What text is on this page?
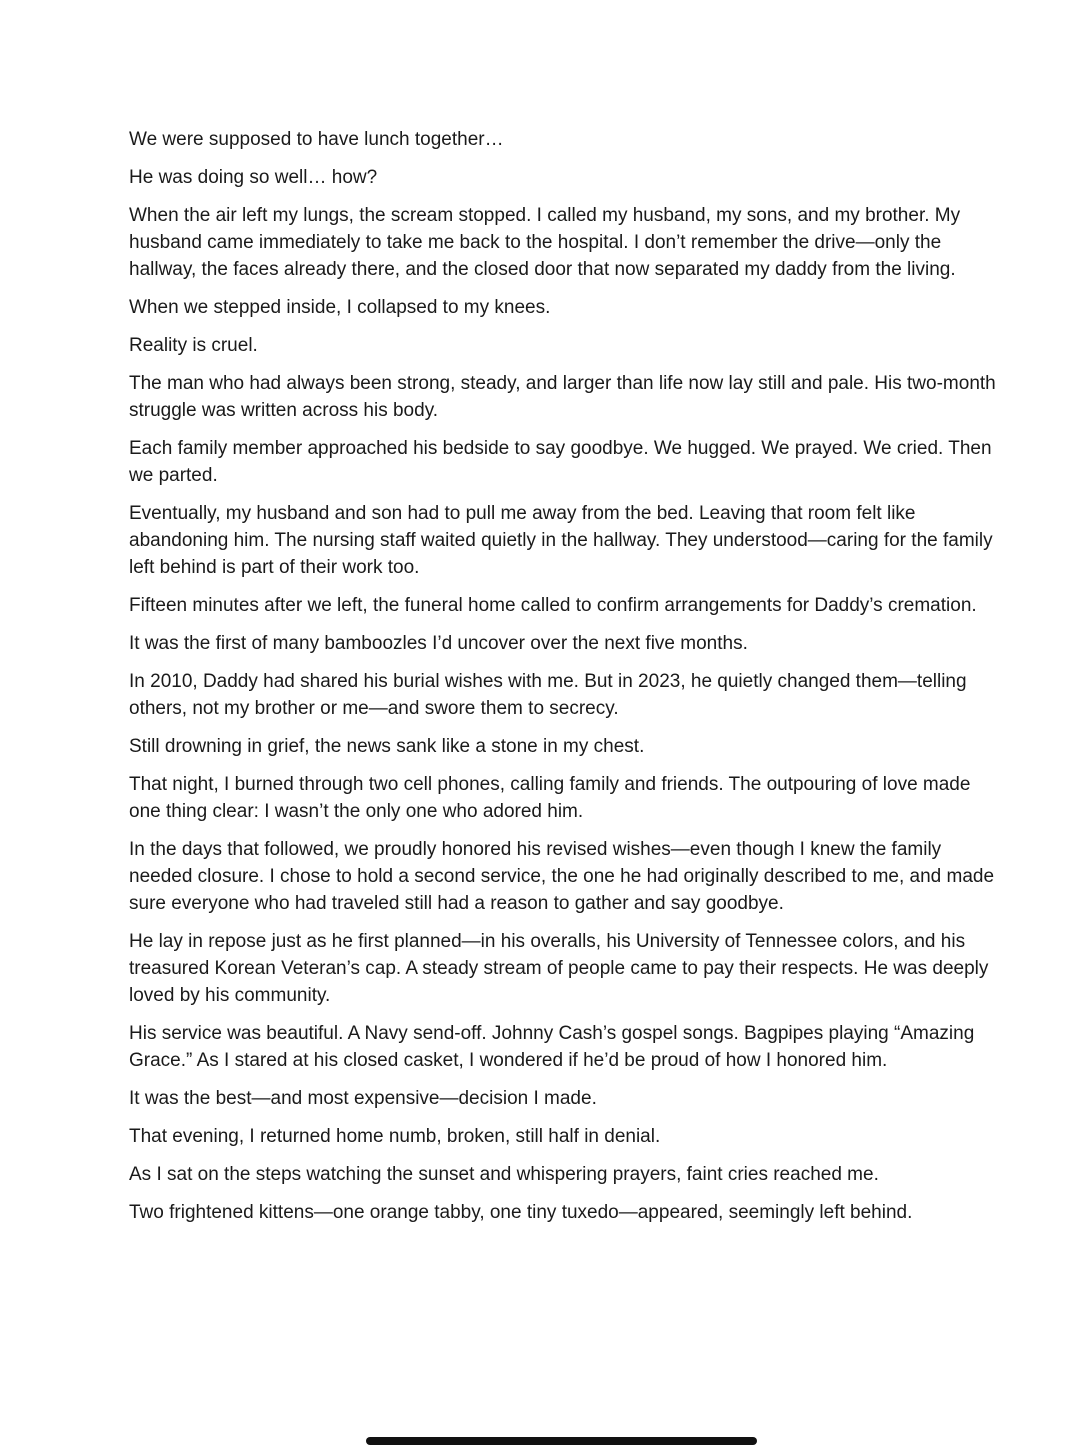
We were supposed to have lunch together…

He was doing so well… how?

When the air left my lungs, the scream stopped. I called my husband, my sons, and my brother. My husband came immediately to take me back to the hospital. I don’t remember the drive—only the hallway, the faces already there, and the closed door that now separated my daddy from the living.

When we stepped inside, I collapsed to my knees.

Reality is cruel.

The man who had always been strong, steady, and larger than life now lay still and pale. His two-month struggle was written across his body.

Each family member approached his bedside to say goodbye. We hugged. We prayed. We cried. Then we parted.

Eventually, my husband and son had to pull me away from the bed. Leaving that room felt like abandoning him. The nursing staff waited quietly in the hallway. They understood—caring for the family left behind is part of their work too.

Fifteen minutes after we left, the funeral home called to confirm arrangements for Daddy’s cremation.

It was the first of many bamboozles I’d uncover over the next five months.

In 2010, Daddy had shared his burial wishes with me. But in 2023, he quietly changed them—telling others, not my brother or me—and swore them to secrecy.

Still drowning in grief, the news sank like a stone in my chest.

That night, I burned through two cell phones, calling family and friends. The outpouring of love made one thing clear: I wasn’t the only one who adored him.

In the days that followed, we proudly honored his revised wishes—even though I knew the family needed closure. I chose to hold a second service, the one he had originally described to me, and made sure everyone who had traveled still had a reason to gather and say goodbye.

He lay in repose just as he first planned—in his overalls, his University of Tennessee colors, and his treasured Korean Veteran’s cap. A steady stream of people came to pay their respects. He was deeply loved by his community.

His service was beautiful. A Navy send-off. Johnny Cash’s gospel songs. Bagpipes playing “Amazing Grace.” As I stared at his closed casket, I wondered if he’d be proud of how I honored him.

It was the best—and most expensive—decision I made.

That evening, I returned home numb, broken, still half in denial.

As I sat on the steps watching the sunset and whispering prayers, faint cries reached me.

Two frightened kittens—one orange tabby, one tiny tuxedo—appeared, seemingly left behind.
